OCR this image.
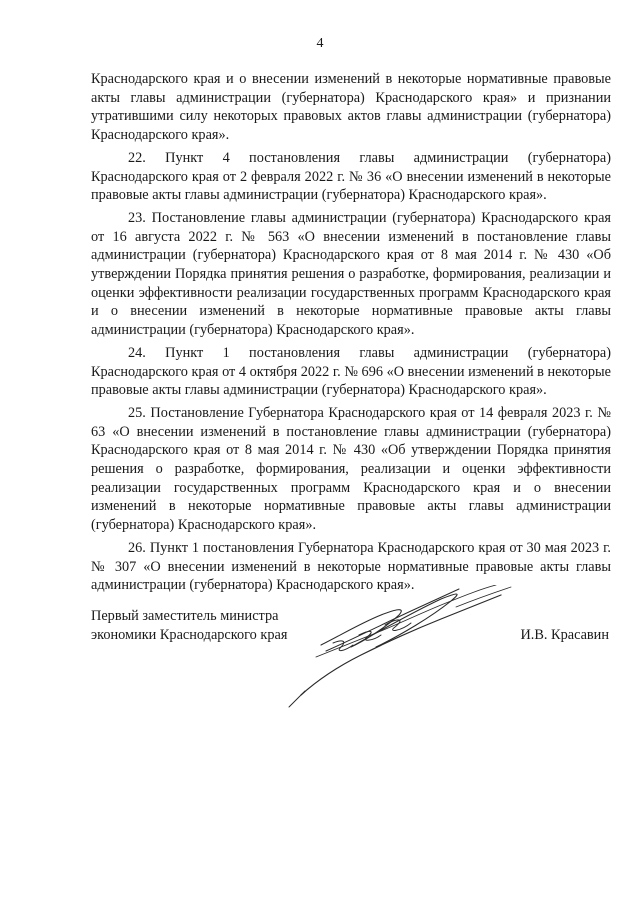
4

Краснодарского края и о внесении изменений в некоторые нормативные правовые акты главы администрации (губернатора) Краснодарского края» и признании утратившими силу некоторых правовых актов главы администрации (губернатора) Краснодарского края».

22. Пункт 4 постановления главы администрации (губернатора) Краснодарского края от 2 февраля 2022 г. № 36 «О внесении изменений в некоторые правовые акты главы администрации (губернатора) Краснодарского края».

23. Постановление главы администрации (губернатора) Краснодарского края от 16 августа 2022 г. № 563 «О внесении изменений в постановление главы администрации (губернатора) Краснодарского края от 8 мая 2014 г. № 430 «Об утверждении Порядка принятия решения о разработке, формирования, реализации и оценки эффективности реализации государственных программ Краснодарского края и о внесении изменений в некоторые нормативные правовые акты главы администрации (губернатора) Краснодарского края».

24. Пункт 1 постановления главы администрации (губернатора) Краснодарского края от 4 октября 2022 г. № 696 «О внесении изменений в некоторые правовые акты главы администрации (губернатора) Краснодарского края».

25. Постановление Губернатора Краснодарского края от 14 февраля 2023 г. № 63 «О внесении изменений в постановление главы администрации (губернатора) Краснодарского края от 8 мая 2014 г. № 430 «Об утверждении Порядка принятия решения о разработке, формирования, реализации и оценки эффективности реализации государственных программ Краснодарского края и о внесении изменений в некоторые нормативные правовые акты главы администрации (губернатора) Краснодарского края».

26. Пункт 1 постановления Губернатора Краснодарского края от 30 мая 2023 г. № 307 «О внесении изменений в некоторые нормативные правовые акты главы администрации (губернатора) Краснодарского края».

Первый заместитель министра
экономики Краснодарского края	И.В. Красавин
